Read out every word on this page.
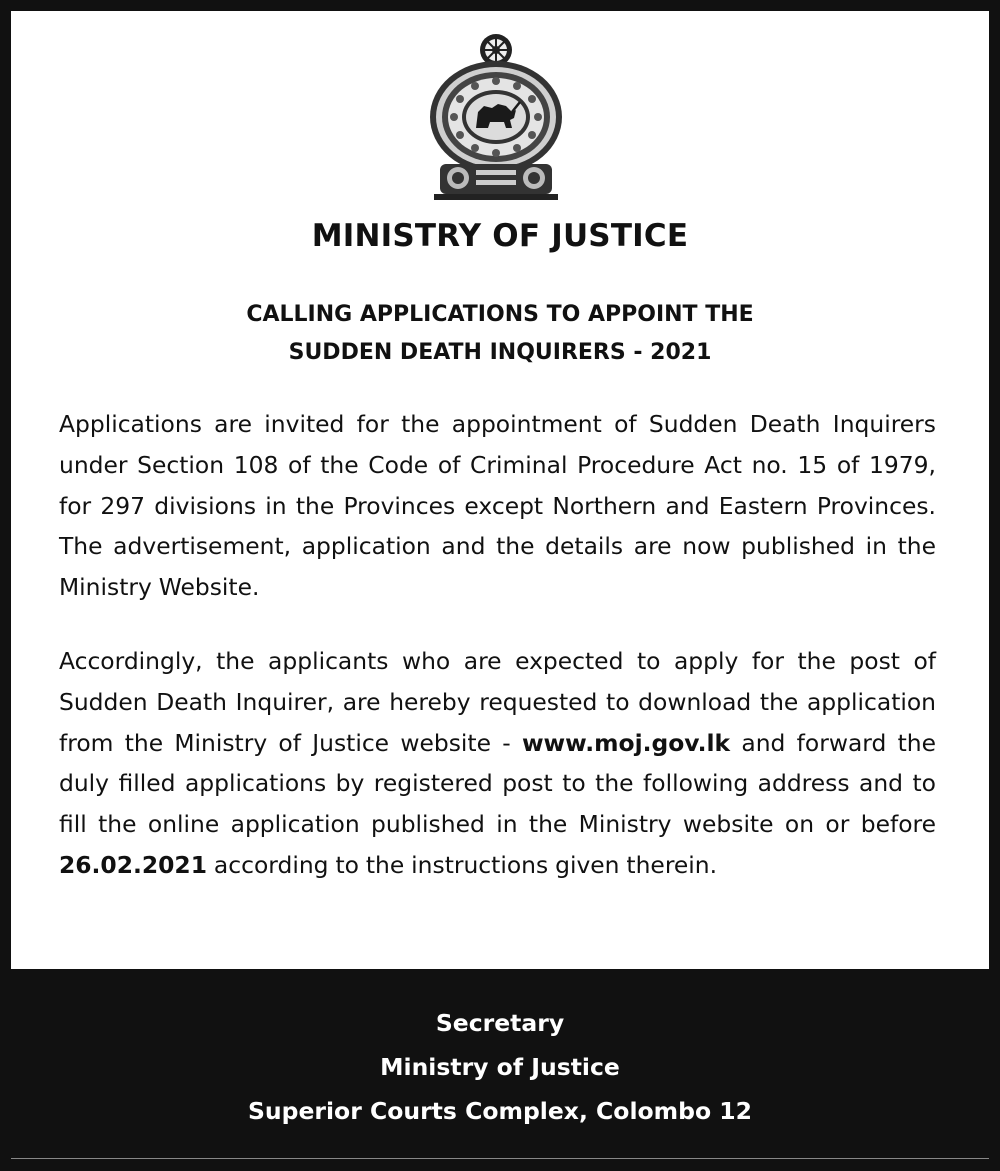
MINISTRY OF JUSTICE
CALLING APPLICATIONS TO APPOINT THE
SUDDEN DEATH INQUIRERS - 2021

Applications are invited for the appointment of Sudden Death Inquirers under Section 108 of the Code of Criminal Procedure Act no. 15 of 1979, for 297 divisions in the Provinces except Northern and Eastern Provinces. The advertisement, application and the details are now published in the Ministry Website.

Accordingly, the applicants who are expected to apply for the post of Sudden Death Inquirer, are hereby requested to download the application from the Ministry of Justice website - www.moj.gov.lk and forward the duly filled applications by registered post to the following address and to fill the online application published in the Ministry website on or before 26.02.2021 according to the instructions given therein.

Secretary
Ministry of Justice
Superior Courts Complex, Colombo 12
